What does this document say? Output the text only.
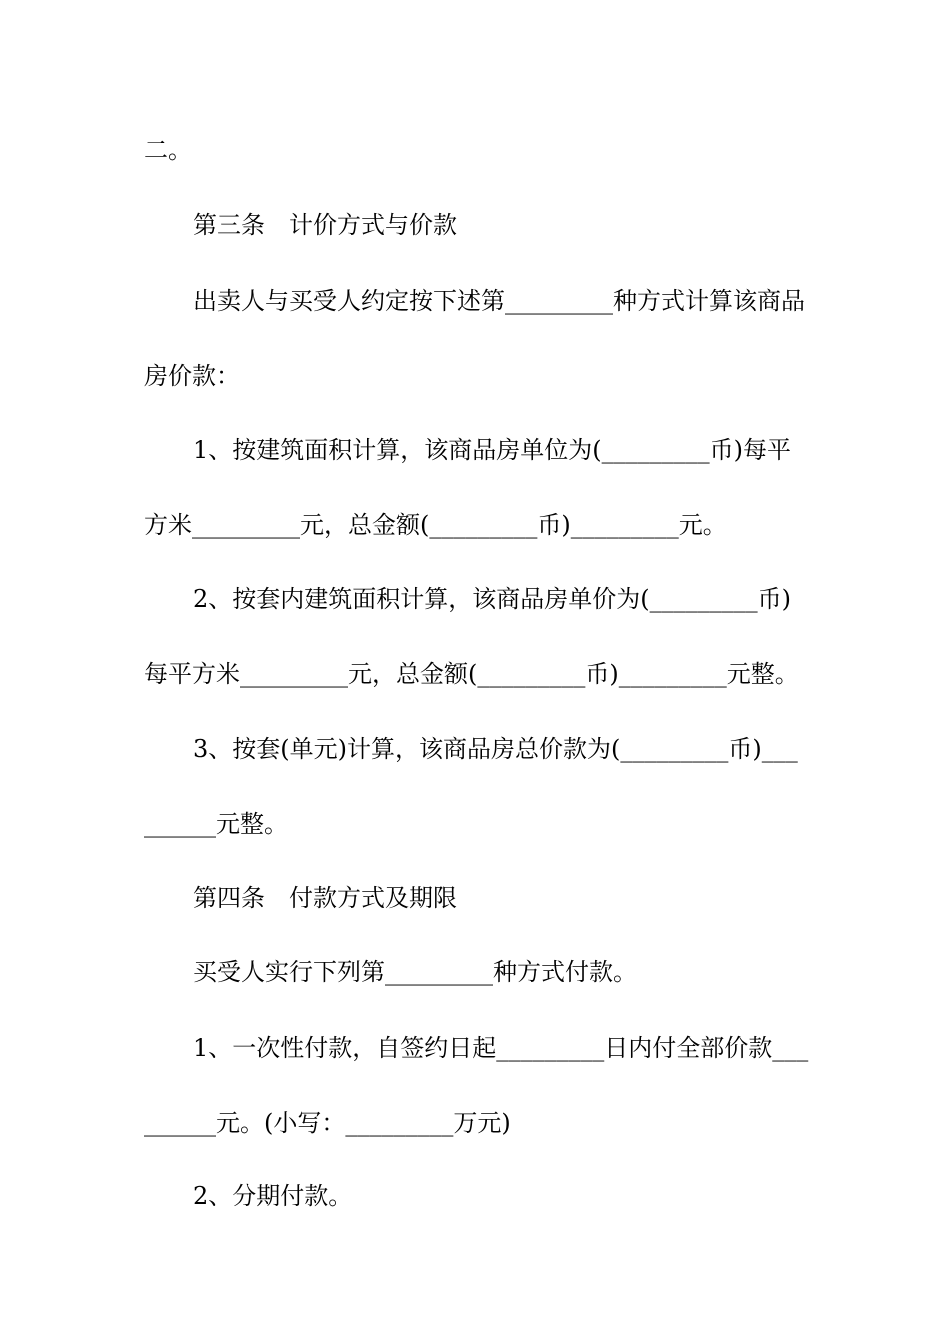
二。
第三条　计价方式与价款
出卖人与买受人约定按下述第_________种方式计算该商品
房价款：
1、按建筑面积计算，该商品房单位为(_________币)每平
方米_________元，总金额(_________币)_________元。
2、按套内建筑面积计算，该商品房单价为(_________币)
每平方米_________元，总金额(_________币)_________元整。
3、按套(单元)计算，该商品房总价款为(_________币)___
______元整。
第四条　付款方式及期限
买受人实行下列第_________种方式付款。
1、一次性付款，自签约日起_________日内付全部价款___
______元。(小写：_________万元)
2、分期付款。
